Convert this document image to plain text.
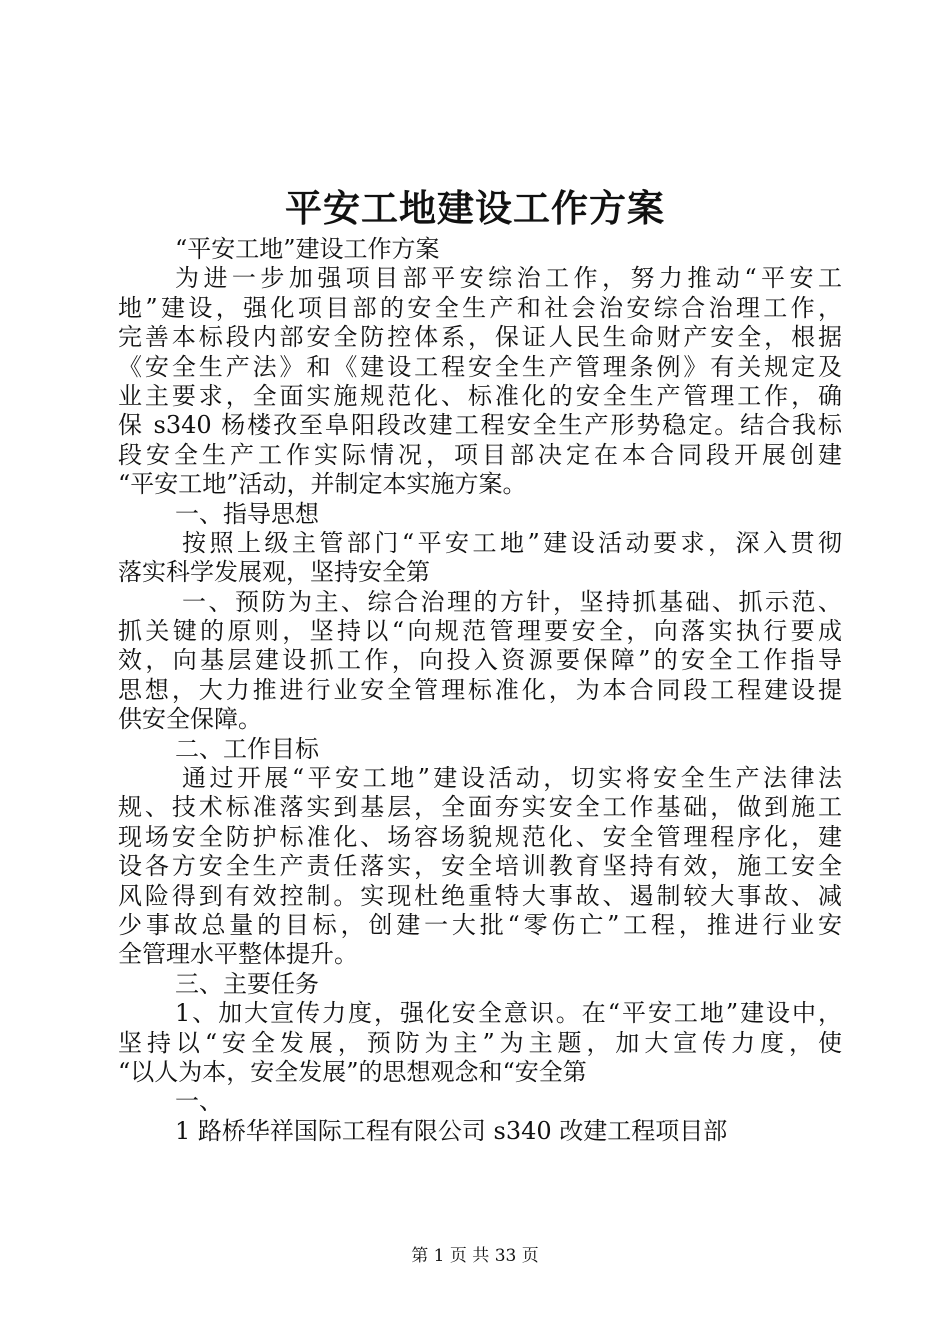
平安工地建设工作方案
“平安工地”建设工作方案
为进一步加强项目部平安综治工作，努力推动“平安工
地”建设，强化项目部的安全生产和社会治安综合治理工作，
完善本标段内部安全防控体系，保证人民生命财产安全，根据
《安全生产法》和《建设工程安全生产管理条例》有关规定及
业主要求，全面实施规范化、标准化的安全生产管理工作，确
保 s340 杨楼孜至阜阳段改建工程安全生产形势稳定。结合我标
段安全生产工作实际情况，项目部决定在本合同段开展创建
“平安工地”活动，并制定本实施方案。
一、指导思想
按照上级主管部门“平安工地”建设活动要求，深入贯彻
落实科学发展观，坚持安全第
一、预防为主、综合治理的方针，坚持抓基础、抓示范、
抓关键的原则，坚持以“向规范管理要安全，向落实执行要成
效，向基层建设抓工作，向投入资源要保障”的安全工作指导
思想，大力推进行业安全管理标准化，为本合同段工程建设提
供安全保障。
二、工作目标
通过开展“平安工地”建设活动，切实将安全生产法律法
规、技术标准落实到基层，全面夯实安全工作基础，做到施工
现场安全防护标准化、场容场貌规范化、安全管理程序化，建
设各方安全生产责任落实，安全培训教育坚持有效，施工安全
风险得到有效控制。实现杜绝重特大事故、遏制较大事故、减
少事故总量的目标，创建一大批“零伤亡”工程，推进行业安
全管理水平整体提升。
三、主要任务
1、加大宣传力度，强化安全意识。在“平安工地”建设中，
坚持以“安全发展，预防为主”为主题，加大宣传力度，使
“以人为本，安全发展”的思想观念和“安全第
一、
1 路桥华祥国际工程有限公司 s340 改建工程项目部
第 1 页 共 33 页
